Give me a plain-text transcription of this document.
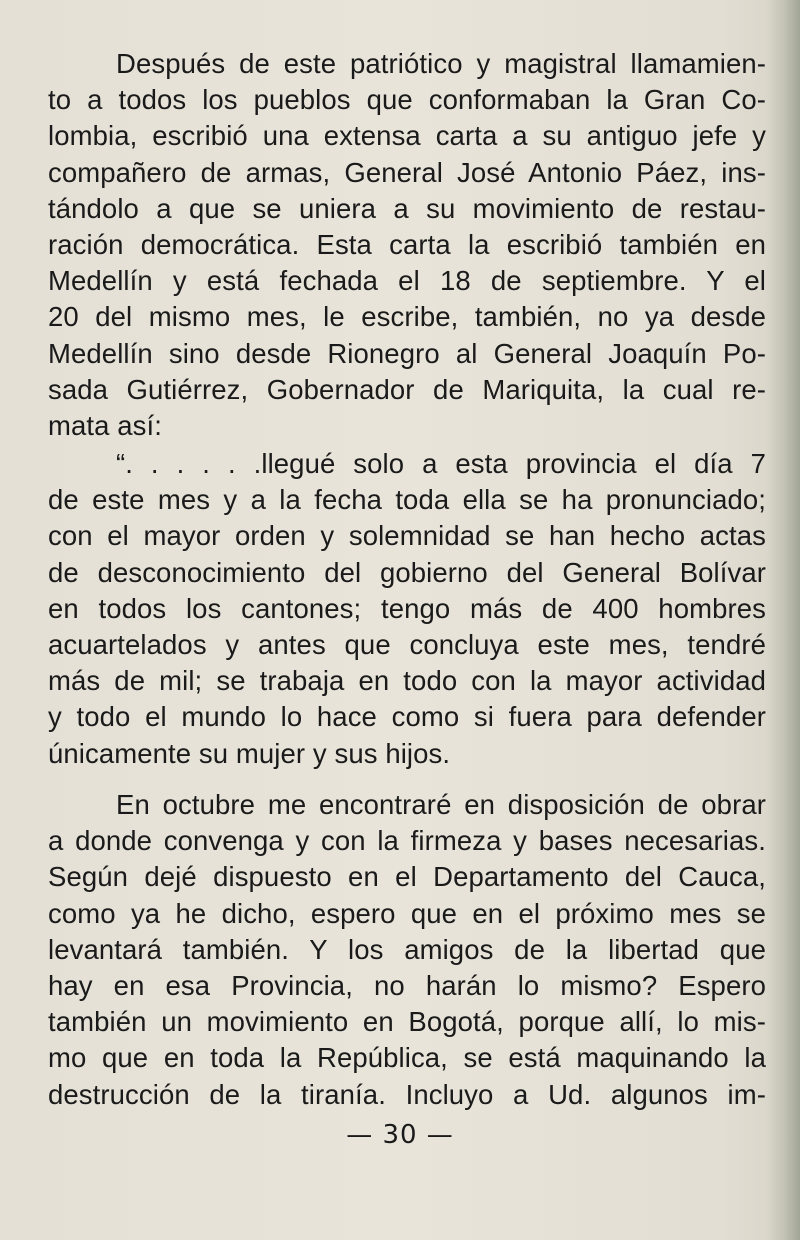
Después de este patriótico y magistral llamamien-
to a todos los pueblos que conformaban la Gran Co-
lombia, escribió una extensa carta a su antiguo jefe y
compañero de armas, General José Antonio Páez, ins-
tándolo a que se uniera a su movimiento de restau-
ración democrática. Esta carta la escribió también en
Medellín y está fechada el 18 de septiembre. Y el
20 del mismo mes, le escribe, también, no ya desde
Medellín sino desde Rionegro al General Joaquín Po-
sada Gutiérrez, Gobernador de Mariquita, la cual re-
mata así:
“. . . . . .llegué solo a esta provincia el día 7
de este mes y a la fecha toda ella se ha pronunciado;
con el mayor orden y solemnidad se han hecho actas
de desconocimiento del gobierno del General Bolívar
en todos los cantones; tengo más de 400 hombres
acuartelados y antes que concluya este mes, tendré
más de mil; se trabaja en todo con la mayor actividad
y todo el mundo lo hace como si fuera para defender
únicamente su mujer y sus hijos.
En octubre me encontraré en disposición de obrar
a donde convenga y con la firmeza y bases necesarias.
Según dejé dispuesto en el Departamento del Cauca,
como ya he dicho, espero que en el próximo mes se
levantará también. Y los amigos de la libertad que
hay en esa Provincia, no harán lo mismo? Espero
también un movimiento en Bogotá, porque allí, lo mis-
mo que en toda la República, se está maquinando la
destrucción de la tiranía. Incluyo a Ud. algunos im-
— 30 —
